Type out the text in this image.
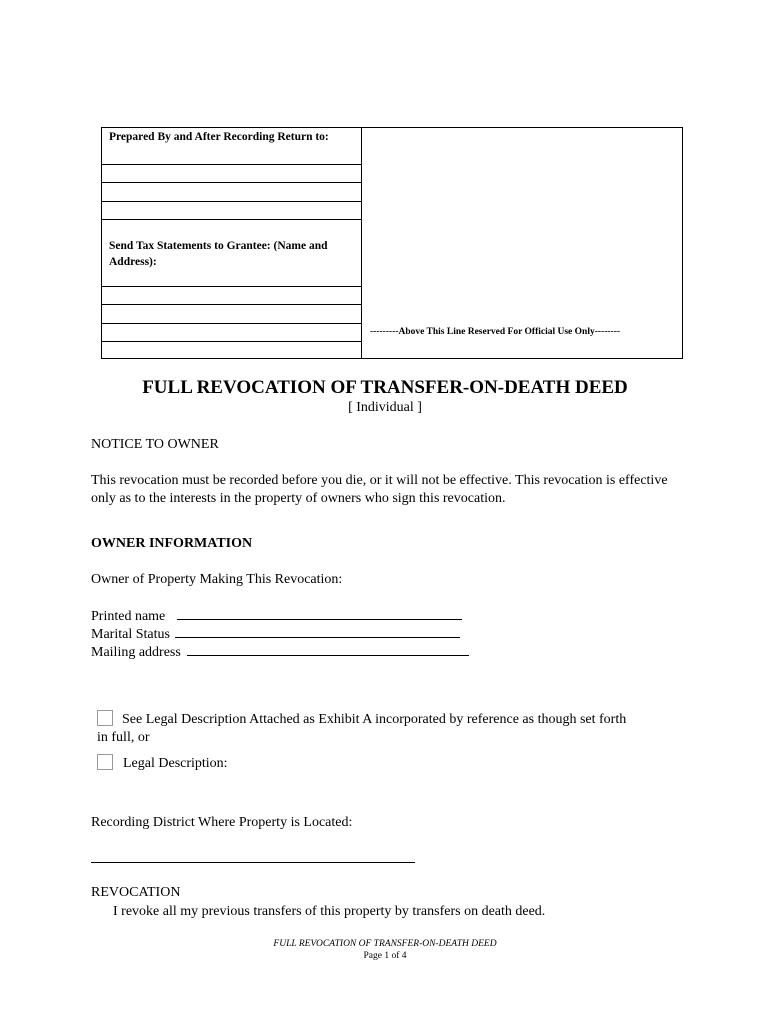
Prepared By and After Recording Return to:
Send Tax Statements to Grantee: (Name and Address):
---------Above This Line Reserved For Official Use Only--------
FULL REVOCATION OF TRANSFER-ON-DEATH DEED
[ Individual ]
NOTICE TO OWNER
This revocation must be recorded before you die, or it will not be effective. This revocation is effective only as to the interests in the property of owners who sign this revocation.
OWNER INFORMATION
Owner of Property Making This Revocation:
Printed name
Marital Status
Mailing address
See Legal Description Attached as Exhibit A incorporated by reference as though set forth
in full, or
Legal Description:
Recording District Where Property is Located:
REVOCATION
I revoke all my previous transfers of this property by transfers on death deed.
FULL REVOCATION OF TRANSFER-ON-DEATH DEED
Page 1 of 4
